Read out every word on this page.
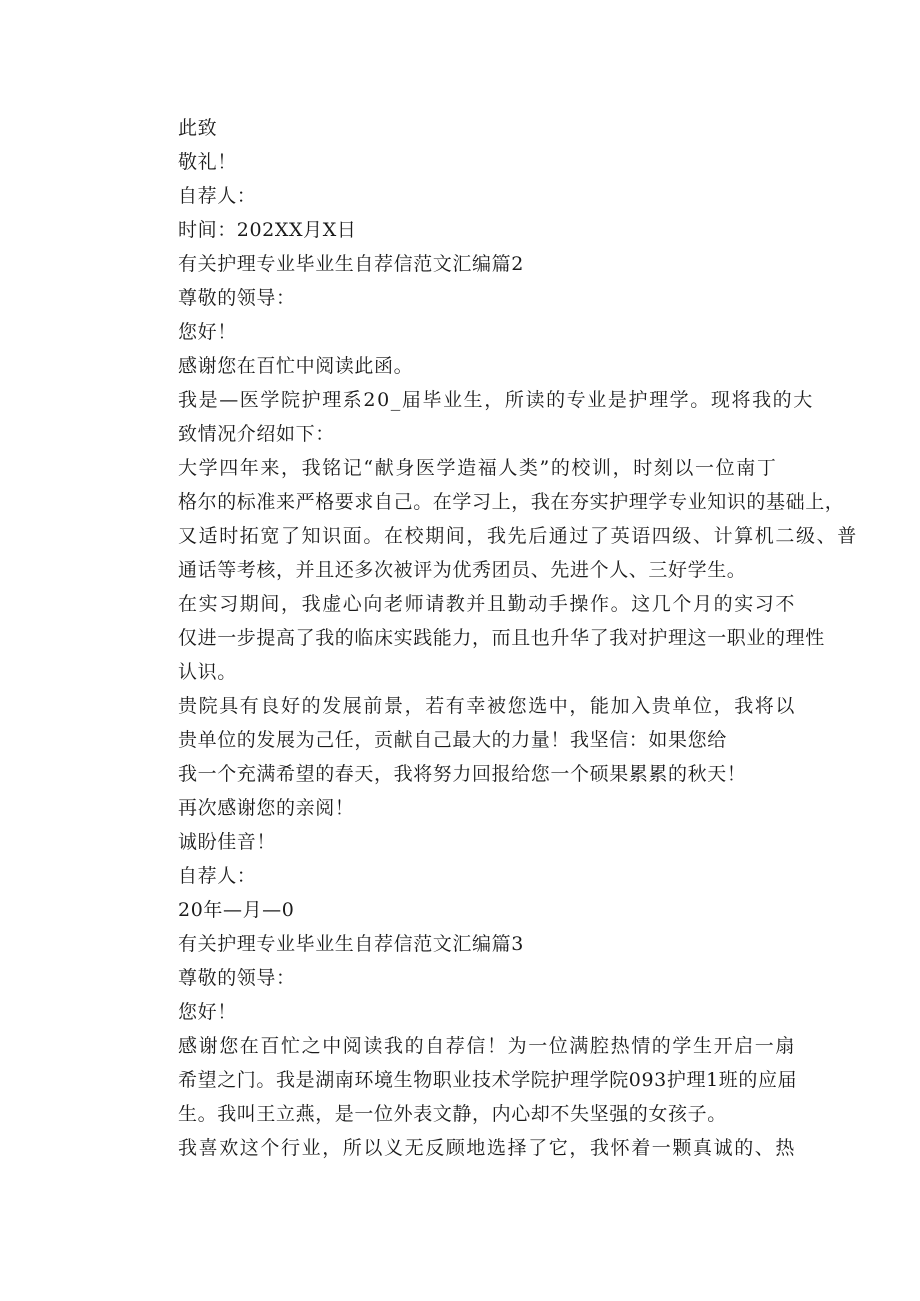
此致
敬礼！
自荐人：
时间：202XX月X日
有关护理专业毕业生自荐信范文汇编篇2
尊敬的领导：
您好！
感谢您在百忙中阅读此函。
我是—医学院护理系20_届毕业生，所读的专业是护理学。现将我的大
致情况介绍如下：
大学四年来，我铭记“献身医学造福人类”的校训，时刻以一位南丁
格尔的标准来严格要求自己。在学习上，我在夯实护理学专业知识的基础上，
又适时拓宽了知识面。在校期间，我先后通过了英语四级、计算机二级、普
通话等考核，并且还多次被评为优秀团员、先进个人、三好学生。
在实习期间，我虚心向老师请教并且勤动手操作。这几个月的实习不
仅进一步提高了我的临床实践能力，而且也升华了我对护理这一职业的理性
认识。
贵院具有良好的发展前景，若有幸被您选中，能加入贵单位，我将以
贵单位的发展为己任，贡献自己最大的力量！我坚信：如果您给
我一个充满希望的春天，我将努力回报给您一个硕果累累的秋天！
再次感谢您的亲阅！
诚盼佳音！
自荐人：
20年—月—0
有关护理专业毕业生自荐信范文汇编篇3
尊敬的领导：
您好！
感谢您在百忙之中阅读我的自荐信！为一位满腔热情的学生开启一扇
希望之门。我是湖南环境生物职业技术学院护理学院093护理1班的应届
生。我叫王立燕，是一位外表文静，内心却不失坚强的女孩子。
我喜欢这个行业，所以义无反顾地选择了它，我怀着一颗真诚的、热
